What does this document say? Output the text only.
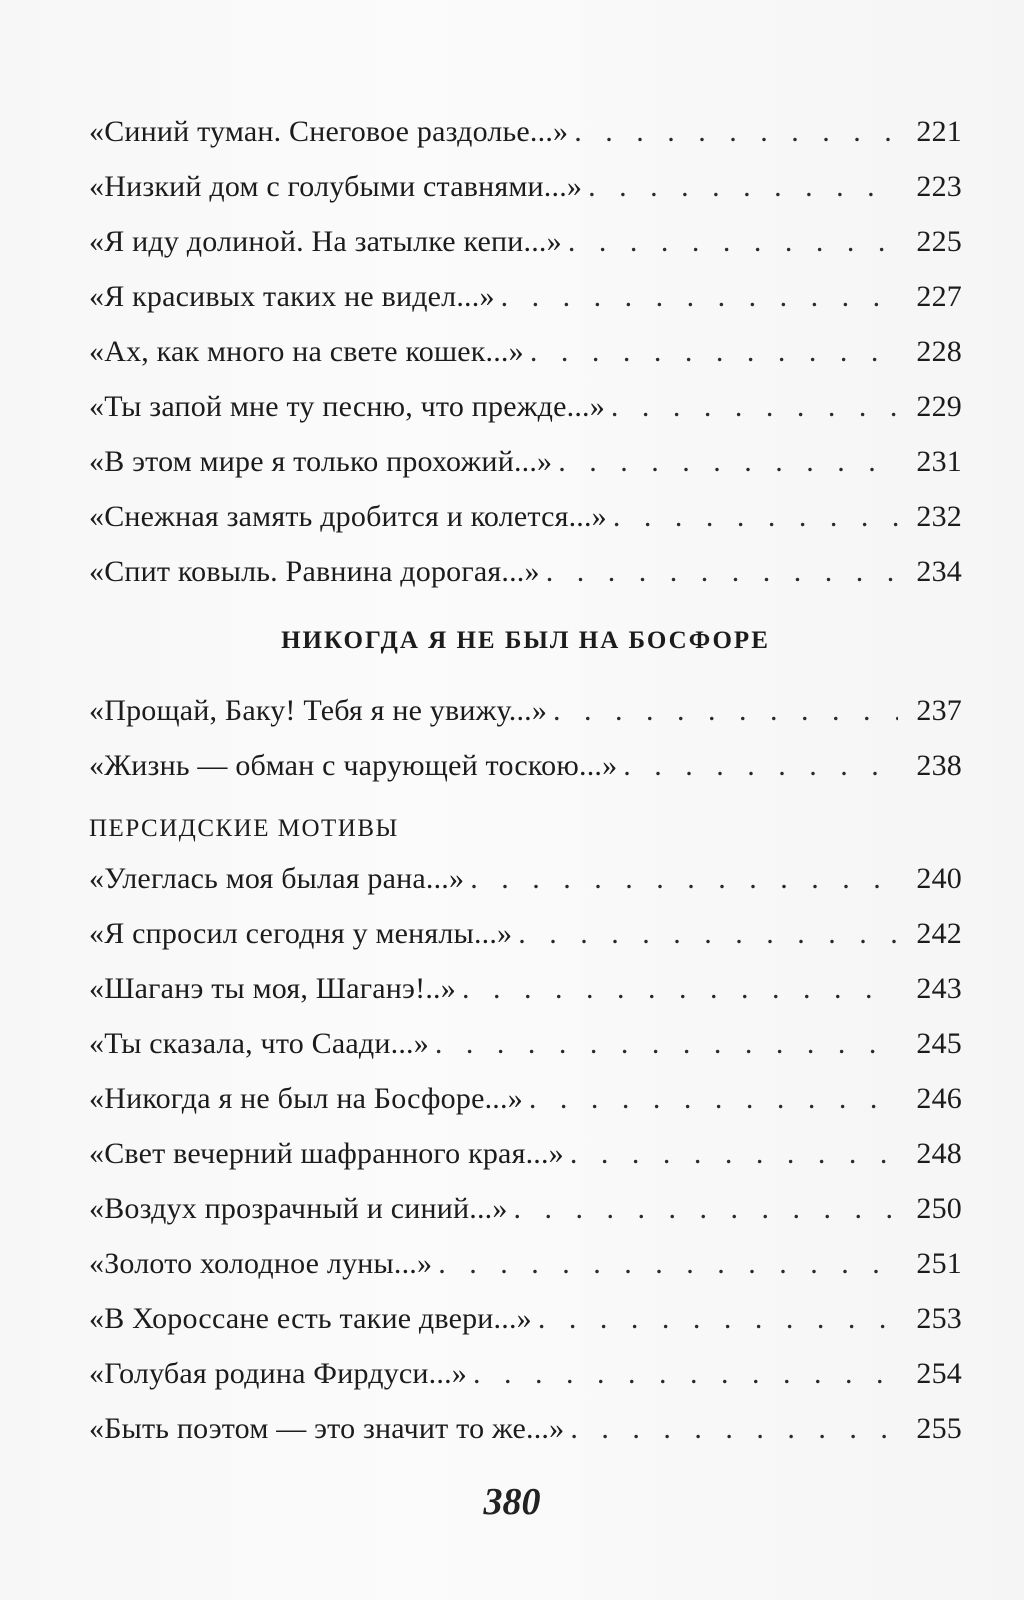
«Синий туман. Снеговое раздолье...» . . .	221
«Низкий дом с голубыми ставнями...» . . .	223
«Я иду долиной. На затылке кепи...» . . .	225
«Я красивых таких не видел...» . . .	227
«Ах, как много на свете кошек...» . . .	228
«Ты запой мне ту песню, что прежде...» . . .	229
«В этом мире я только прохожий...» . . .	231
«Снежная замять дробится и колется...» . . .	232
«Спит ковыль. Равнина дорогая...» . . .	234
НИКОГДА Я НЕ БЫЛ НА БОСФОРЕ
«Прощай, Баку! Тебя я не увижу...» . . .	237
«Жизнь — обман с чарующей тоскою...» . . .	238
ПЕРСИДСКИЕ МОТИВЫ
«Улеглась моя былая рана...» . . .	240
«Я спросил сегодня у менялы...» . . .	242
«Шаганэ ты моя, Шаганэ!..» . . .	243
«Ты сказала, что Саади...» . . .	245
«Никогда я не был на Босфоре...» . . .	246
«Свет вечерний шафранного края...» . . .	248
«Воздух прозрачный и синий...» . . .	250
«Золото холодное луны...» . . .	251
«В Хороссане есть такие двери...» . . .	253
«Голубая родина Фирдуси...» . . .	254
«Быть поэтом — это значит то же...» . . .	255
380
